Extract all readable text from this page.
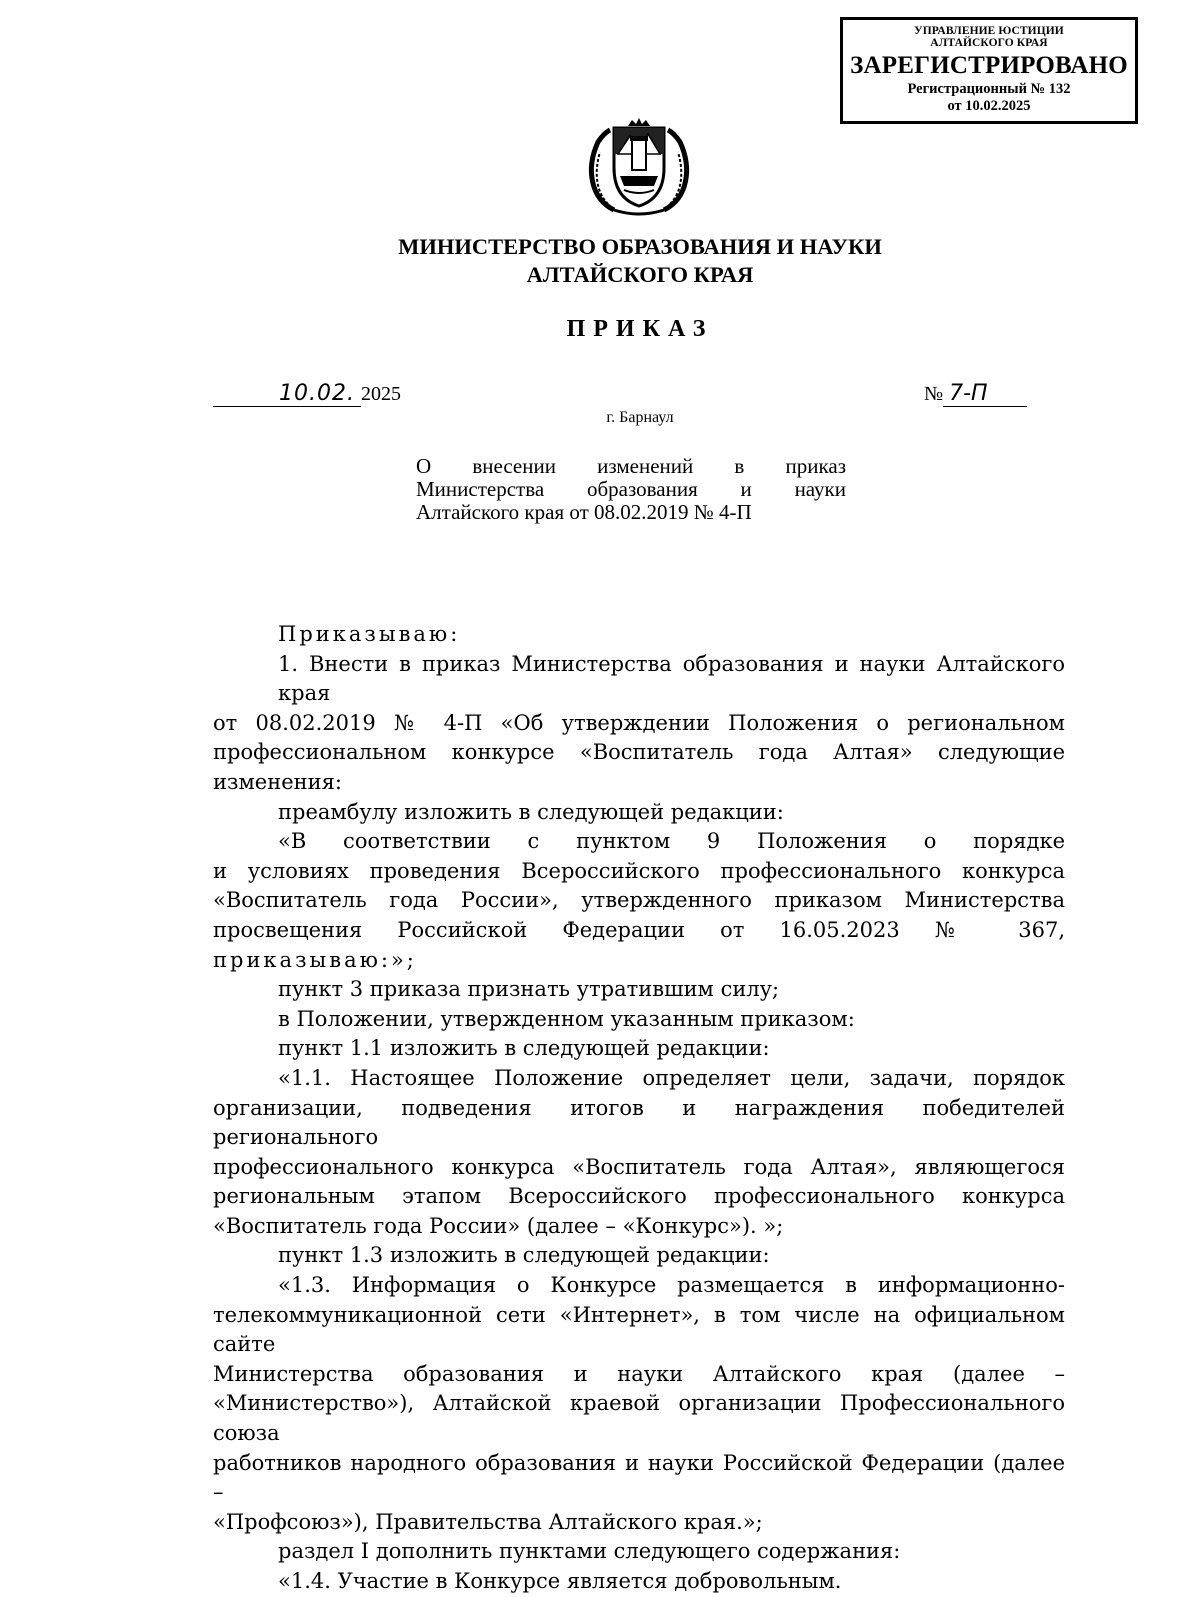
УПРАВЛЕНИЕ ЮСТИЦИИ
АЛТАЙСКОГО КРАЯ
ЗАРЕГИСТРИРОВАНО
Регистрационный № 132
от 10.02.2025
МИНИСТЕРСТВО ОБРАЗОВАНИЯ И НАУКИ
АЛТАЙСКОГО КРАЯ
ПРИКАЗ
10.02. 2025	№ 7-П
г. Барнаул
О внесении изменений в приказ
Министерства образования и науки
Алтайского края от 08.02.2019 № 4-П
Приказываю:
1. Внести в приказ Министерства образования и науки Алтайского края
от 08.02.2019 № 4-П «Об утверждении Положения о региональном
профессиональном конкурсе «Воспитатель года Алтая» следующие
изменения:
преамбулу изложить в следующей редакции:
«В соответствии с пунктом 9 Положения о порядке
и условиях проведения Всероссийского профессионального конкурса
«Воспитатель года России», утвержденного приказом Министерства
просвещения Российской Федерации от 16.05.2023 № 367, приказываю:»;
пункт 3 приказа признать утратившим силу;
в Положении, утвержденном указанным приказом:
пункт 1.1 изложить в следующей редакции:
«1.1. Настоящее Положение определяет цели, задачи, порядок
организации, подведения итогов и награждения победителей регионального
профессионального конкурса «Воспитатель года Алтая», являющегося
региональным этапом Всероссийского профессионального конкурса
«Воспитатель года России» (далее – «Конкурс»). »;
пункт 1.3 изложить в следующей редакции:
«1.3. Информация о Конкурсе размещается в информационно-
телекоммуникационной сети «Интернет», в том числе на официальном сайте
Министерства образования и науки Алтайского края (далее –
«Министерство»), Алтайской краевой организации Профессионального союза
работников народного образования и науки Российской Федерации (далее –
«Профсоюз»), Правительства Алтайского края.»;
раздел I дополнить пунктами следующего содержания:
«1.4. Участие в Конкурсе является добровольным.
